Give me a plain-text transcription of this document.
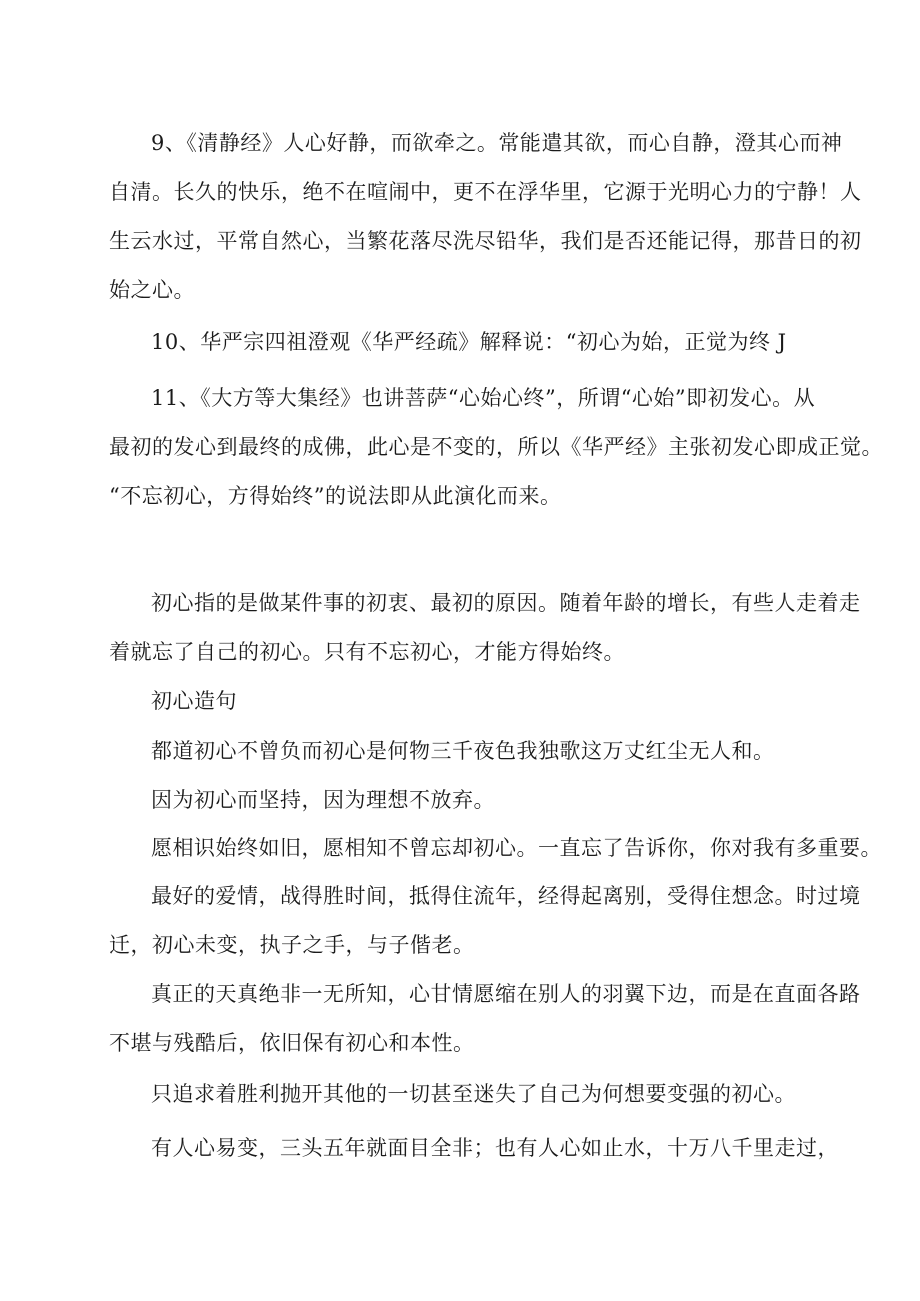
9、《清静经》人心好静，而欲牵之。常能遣其欲，而心自静，澄其心而神
自清。长久的快乐，绝不在喧闹中，更不在浮华里，它源于光明心力的宁静！人
生云水过，平常自然心，当繁花落尽洗尽铅华，我们是否还能记得，那昔日的初
始之心。
10、华严宗四祖澄观《华严经疏》解释说：“初心为始，正觉为终 J
11、《大方等大集经》也讲菩萨“心始心终”，所谓“心始”即初发心。从
最初的发心到最终的成佛，此心是不变的，所以《华严经》主张初发心即成正觉。
“不忘初心，方得始终”的说法即从此演化而来。
初心指的是做某件事的初衷、最初的原因。随着年龄的增长，有些人走着走
着就忘了自己的初心。只有不忘初心，才能方得始终。
初心造句
都道初心不曾负而初心是何物三千夜色我独歌这万丈红尘无人和。
因为初心而坚持，因为理想不放弃。
愿相识始终如旧，愿相知不曾忘却初心。一直忘了告诉你，你对我有多重要。
最好的爱情，战得胜时间，抵得住流年，经得起离别，受得住想念。时过境
迁，初心未变，执子之手，与子偕老。
真正的天真绝非一无所知，心甘情愿缩在别人的羽翼下边，而是在直面各路
不堪与残酷后，依旧保有初心和本性。
只追求着胜利抛开其他的一切甚至迷失了自己为何想要变强的初心。
有人心易变，三头五年就面目全非；也有人心如止水，十万八千里走过，
